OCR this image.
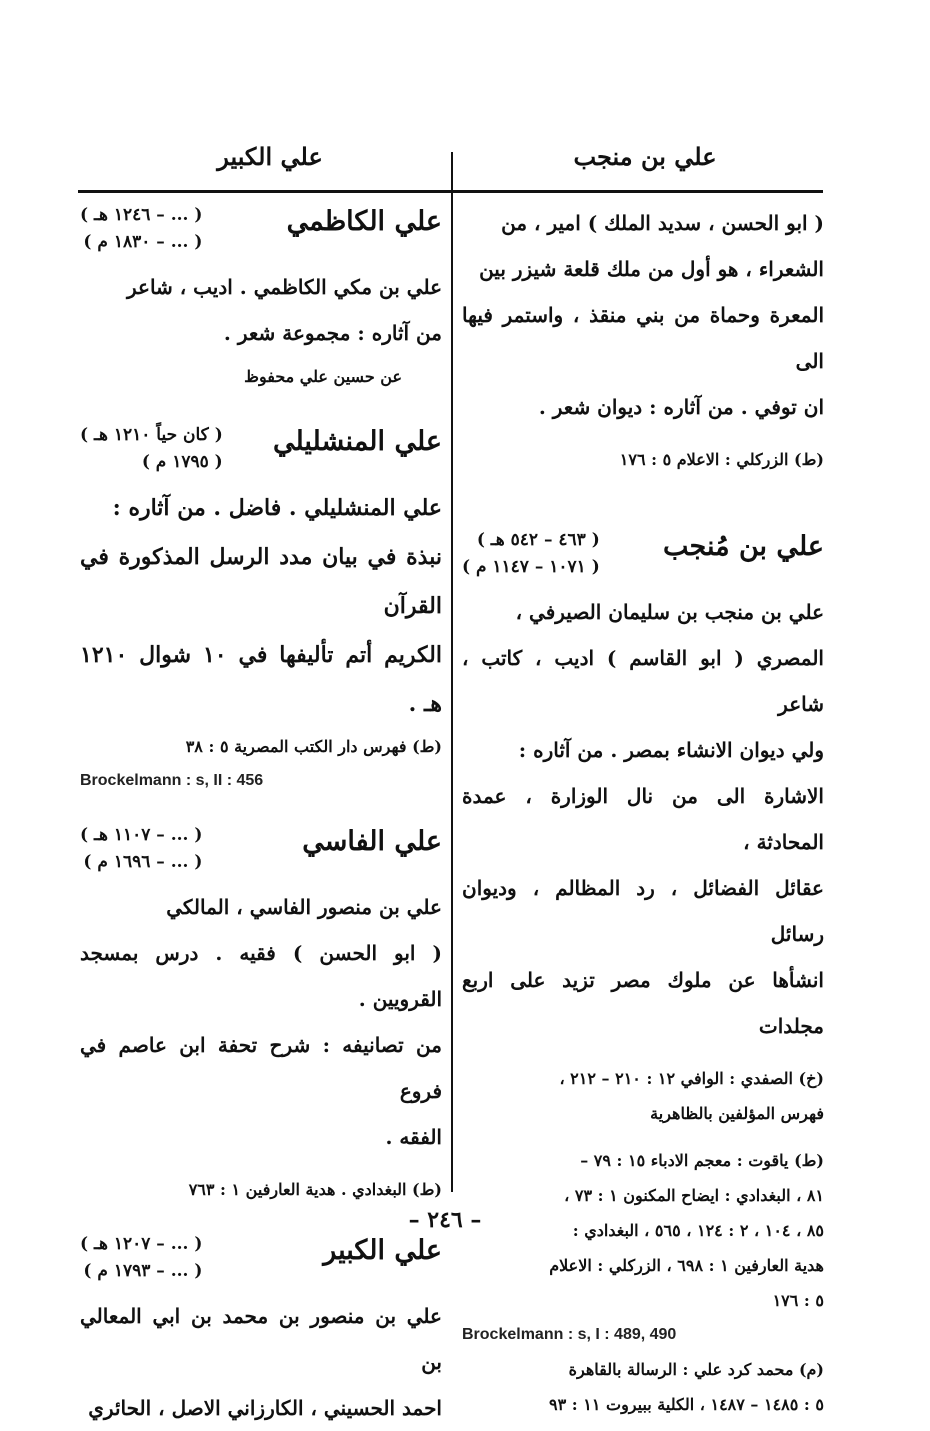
علي بن منجب
علي الكبير

( ابو الحسن ، سديد الملك ) امير ، من

الشعراء ، هو أول من ملك قلعة شيزر بين

المعرة وحماة من بني منقذ ، واستمر فيها الى

ان توفي . من آثاره : ديوان شعر .

(ط) الزركلي : الاعلام ٥ : ١٧٦

علي بن مُنجب
( ٤٦٣ – ٥٤٢ هـ )
( ١٠٧١ – ١١٤٧ م )

علي بن منجب بن سليمان الصيرفي ،

المصري ( ابو القاسم ) اديب ، كاتب ، شاعر

ولي ديوان الانشاء بمصر . من آثاره :

الاشارة الى من نال الوزارة ، عمدة المحادثة ،

عقائل الفضائل ، رد المظالم ، وديوان رسائل

انشأها عن ملوك مصر تزيد على اربع مجلدات

(خ) الصفدي : الوافي ١٢ : ٢١٠ – ٢١٢ ،

فهرس المؤلفين بالظاهرية

(ط) ياقوت : معجم الادباء ١٥ : ٧٩ –

٨١ ، البغدادي : ايضاح المكنون ١ : ٧٣ ،

٨٥ ، ١٠٤ ، ٢ : ١٢٤ ، ٥٦٥ ، البغدادي :

هدية العارفين ١ : ٦٩٨ ، الزركلي : الاعلام

٥ : ١٧٦

Brockelmann : s, I : 489, 490

(م) محمد كرد علي : الرسالة بالقاهرة

٥ : ١٤٨٥ – ١٤٨٧ ، الكلية ببيروت ١١ : ٩٣

علي الكاظمي
( ... – ١٢٤٦ هـ )
( ... – ١٨٣٠ م )

علي بن مكي الكاظمي . اديب ، شاعر

من آثاره : مجموعة شعر .

عن حسين علي محفوظ

علي المنشليلي
( كان حياً ١٢١٠ هـ )
( ١٧٩٥ م )

علي المنشليلي . فاضل . من آثاره :

نبذة في بيان مدد الرسل المذكورة في القرآن

الكريم أتم تأليفها في ١٠ شوال ١٢١٠ هـ .

(ط) فهرس دار الكتب المصرية ٥ : ٣٨

Brockelmann : s, II : 456

علي الفاسي
( ... – ١١٠٧ هـ )
( ... – ١٦٩٦ م )

علي بن منصور الفاسي ، المالكي

( ابو الحسن ) فقيه . درس بمسجد القرويين .

من تصانيفه : شرح تحفة ابن عاصم في فروع

الفقه .

(ط) البغدادي . هدية العارفين ١ : ٧٦٣

علي الكبير
( ... – ١٢٠٧ هـ )
( ... – ١٧٩٣ م )

علي بن منصور بن محمد بن ابي المعالي بن

احمد الحسيني ، الكارزاني الاصل ، الحائري

– ٢٤٦ –
